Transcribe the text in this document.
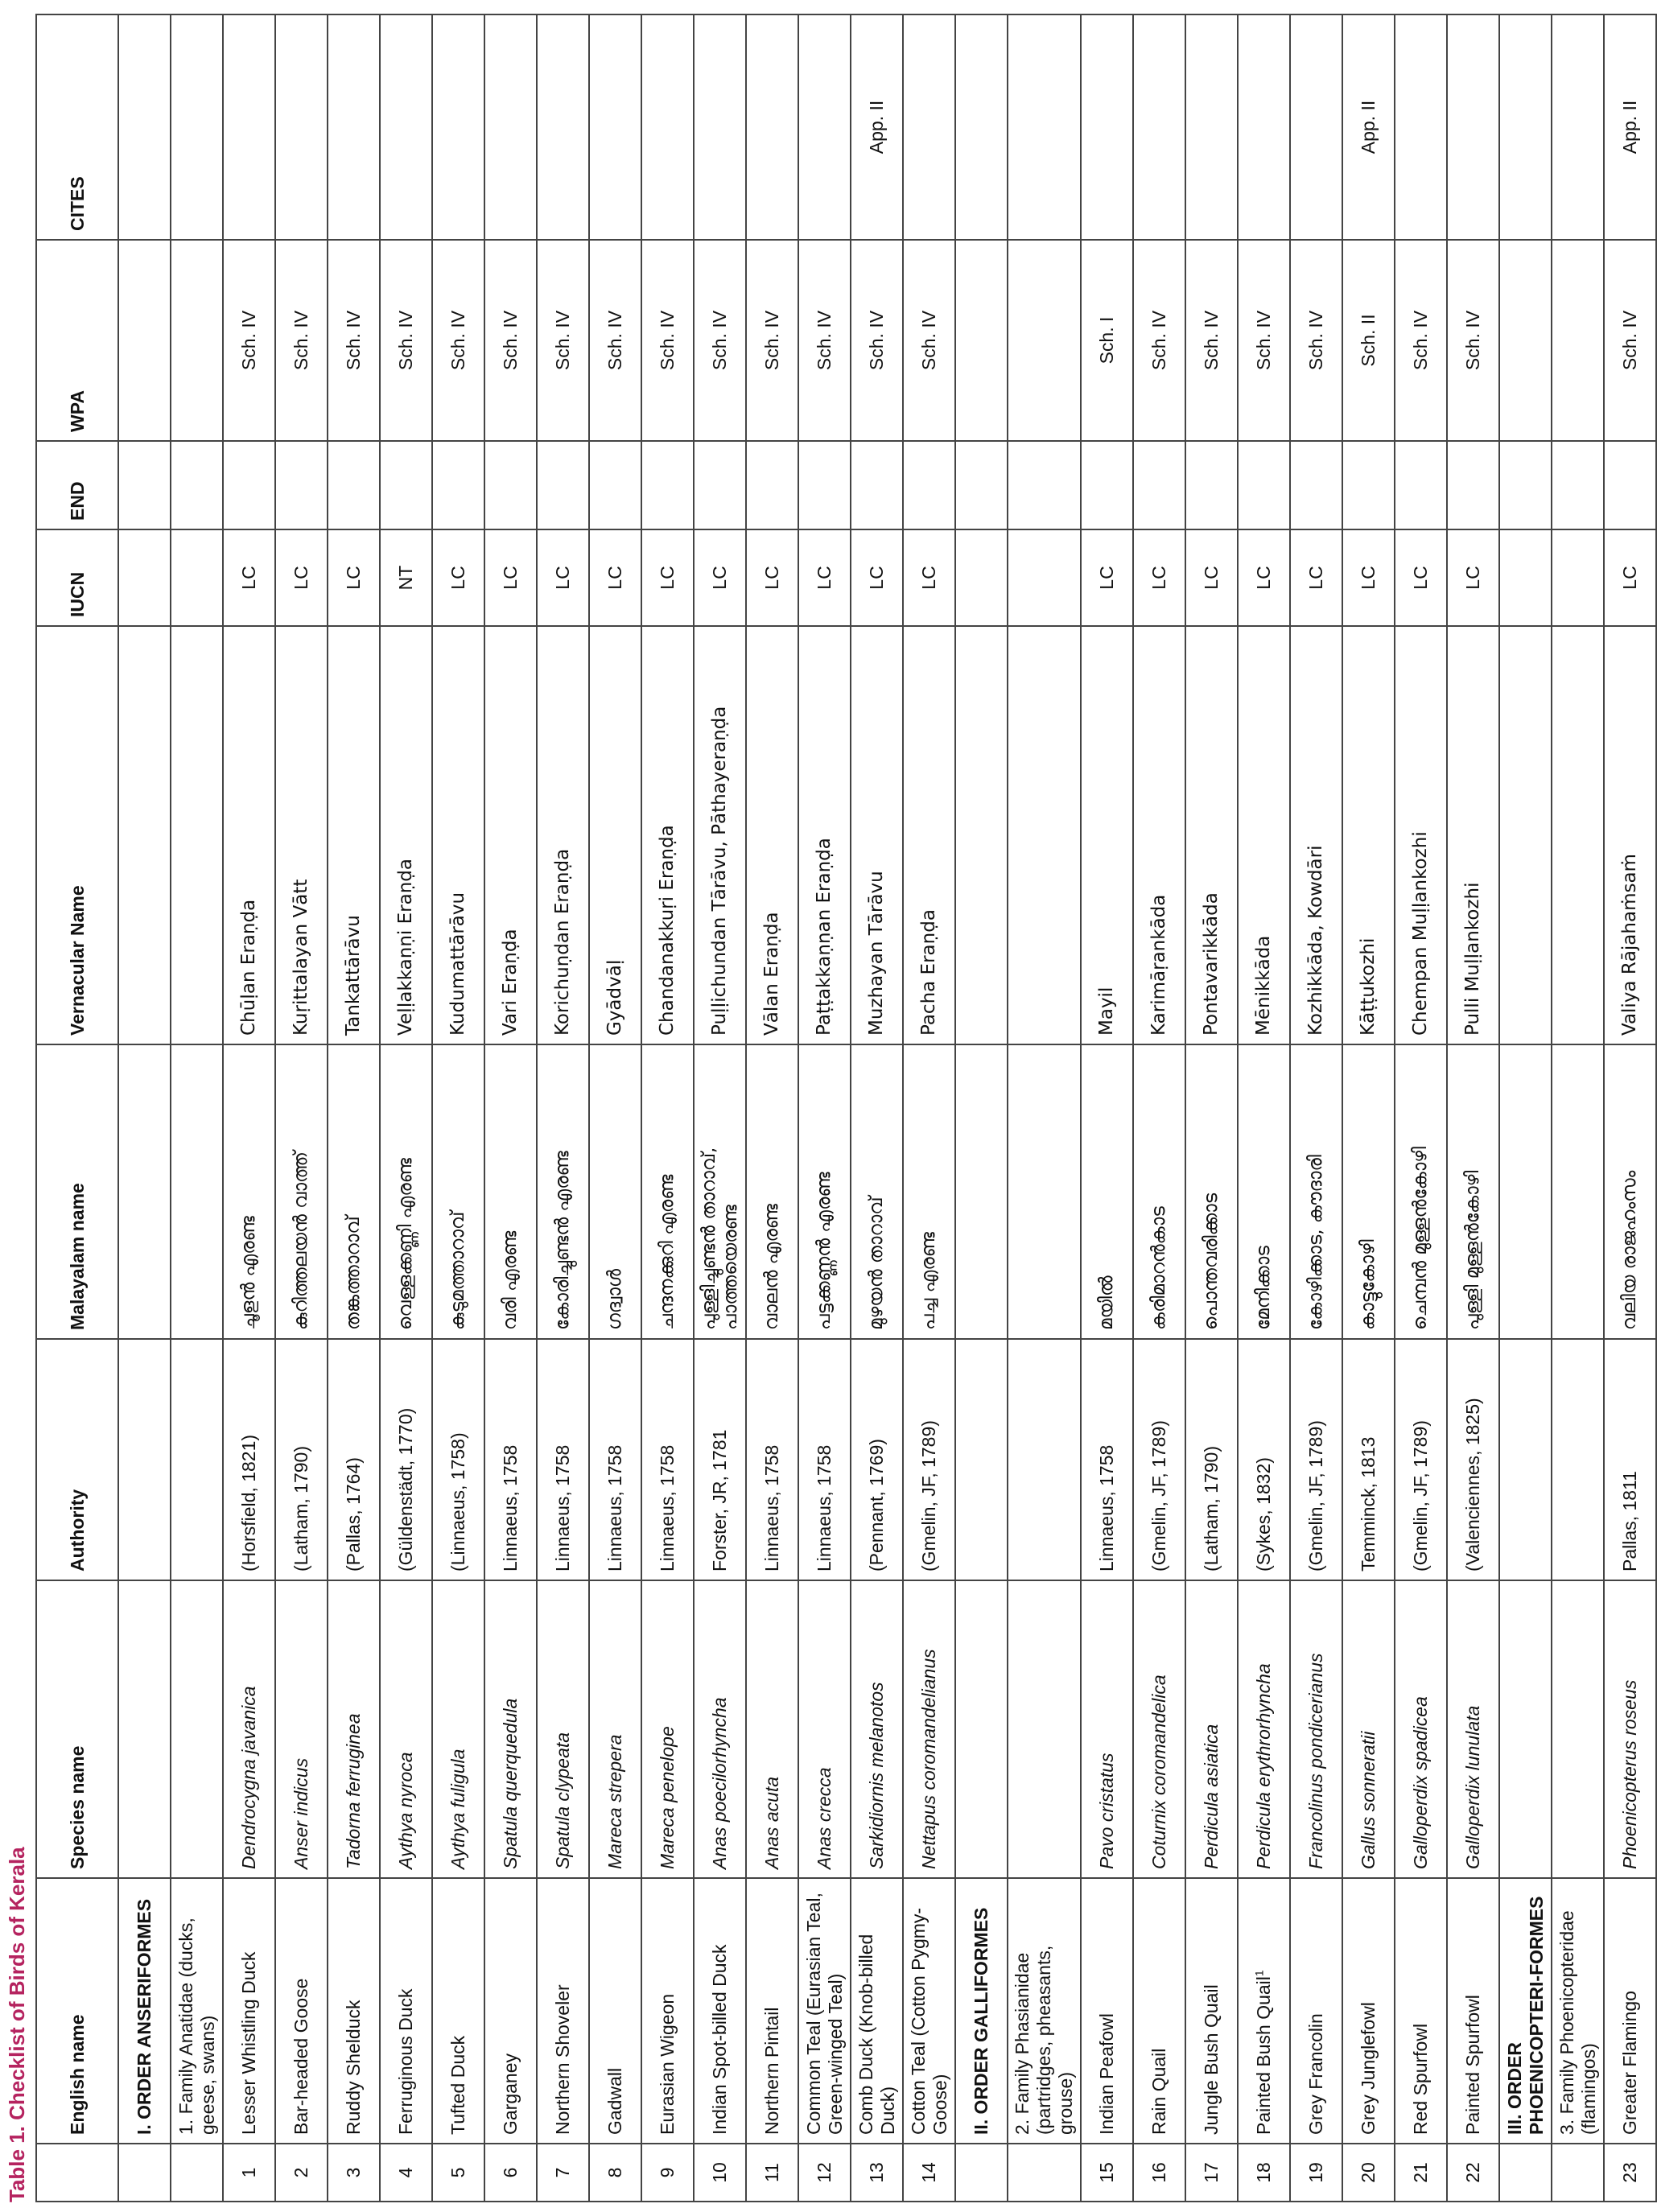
Table 1. Checklist of Birds of Kerala
	English name	Species name	Authority	Malayalam name	Vernacular Name	IUCN	END	WPA	CITES
	I. ORDER ANSERIFORMES								
	1. Family Anatidae (ducks, geese, swans)								
1	Lesser Whistling Duck	Dendrocygna javanica	(Horsfield, 1821)	ചൂളൻ എരണ്ട	Chūḷan Eraṇḍa	LC		Sch. IV	
2	Bar-headed Goose	Anser indicus	(Latham, 1790)	കുറിത്തലയൻ വാത്ത്	Kuṛittalayan Vātt	LC		Sch. IV	
3	Ruddy Shelduck	Tadorna ferruginea	(Pallas, 1764)	തങ്കത്താറാവ്	Tankattārāvu	LC		Sch. IV	
4	Ferruginous Duck	Aythya nyroca	(Güldenstädt, 1770)	വെള്ളക്കണ്ണി എരണ്ട	Veḷḷakkaṇṇi Eraṇḍa	NT		Sch. IV	
5	Tufted Duck	Aythya fuligula	(Linnaeus, 1758)	കുടുമത്താറാവ്	Kudumattārāvu	LC		Sch. IV	
6	Garganey	Spatula querquedula	Linnaeus, 1758	വരി എരണ്ട	Vari Eraṇḍa	LC		Sch. IV	
7	Northern Shoveler	Spatula clypeata	Linnaeus, 1758	കോരിച്ചുണ്ടൻ എരണ്ട	Korichuṇdan Eraṇḍa	LC		Sch. IV	
8	Gadwall	Mareca strepera	Linnaeus, 1758	ഗദ്വാൾ	Gyādvāḷ	LC		Sch. IV	
9	Eurasian Wigeon	Mareca penelope	Linnaeus, 1758	ചന്ദനക്കുറി എരണ്ട	Chandanakkuṛi Eraṇḍa	LC		Sch. IV	
10	Indian Spot-billed Duck	Anas poecilorhyncha	Forster, JR, 1781	പുള്ളിച്ചുണ്ടൻ താറാവ്, പാത്തയെരണ്ട	Puḷḷichundan Tārāvu, Pāthayeraṇḍa	LC		Sch. IV	
11	Northern Pintail	Anas acuta	Linnaeus, 1758	വാലൻ എരണ്ട	Vālan Eraṇḍa	LC		Sch. IV	
12	Common Teal (Eurasian Teal, Green-winged Teal)	Anas crecca	Linnaeus, 1758	പട്ടക്കണ്ണൻ എരണ്ട	Paṭṭakkaṇṇan Eraṇḍa	LC		Sch. IV	
13	Comb Duck (Knob-billed Duck)	Sarkidiornis melanotos	(Pennant, 1769)	മുഴയൻ താറാവ്	Muzhayan Tārāvu	LC		Sch. IV	App. II
14	Cotton Teal (Cotton Pygmy-Goose)	Nettapus coromandelianus	(Gmelin, JF, 1789)	പച്ച എരണ്ട	Pacha Eraṇḍa	LC		Sch. IV	
	II. ORDER GALLIFORMES								
	2. Family Phasianidae (partridges, pheasants, grouse)								
15	Indian Peafowl	Pavo cristatus	Linnaeus, 1758	മയിൽ	Mayil	LC		Sch. I	
16	Rain Quail	Coturnix coromandelica	(Gmelin, JF, 1789)	കരിമാറൻകാട	Karimāṛankāda	LC		Sch. IV	
17	Jungle Bush Quail	Perdicula asiatica	(Latham, 1790)	പൊന്തവരിക്കാട	Pontavarikkāda	LC		Sch. IV	
18	Painted Bush Quail$^1$	Perdicula erythrorhyncha	(Sykes, 1832)	മേനിക്കാട	Mēnikkāda	LC		Sch. IV	
19	Grey Francolin	Francolinus pondicerianus	(Gmelin, JF, 1789)	കോഴിക്കാട, കൗദാരി	Kozhikkāda, Kowdāri	LC		Sch. IV	
20	Grey Junglefowl	Gallus sonneratii	Temminck, 1813	കാട്ടുകോഴി	Kāṭṭukozhi	LC		Sch. II	App. II
21	Red Spurfowl	Galloperdix spadicea	(Gmelin, JF, 1789)	ചെമ്പൻ മുള്ളൻകോഴി	Chempan Muḷḷankozhi	LC		Sch. IV	
22	Painted Spurfowl	Galloperdix lunulata	(Valenciennes, 1825)	പുള്ളി മുള്ളൻകോഴി	Pulli Muḷḷankozhi	LC		Sch. IV	
	III. ORDER PHOENICOPTERI-FORMES								
	3. Family Phoenicopteridae (flamingos)								
23	Greater Flamingo	Phoenicopterus roseus	Pallas, 1811	വലിയ രാജഹംസം	Valiya Rājahaṁsaṁ	LC		Sch. IV	App. II
